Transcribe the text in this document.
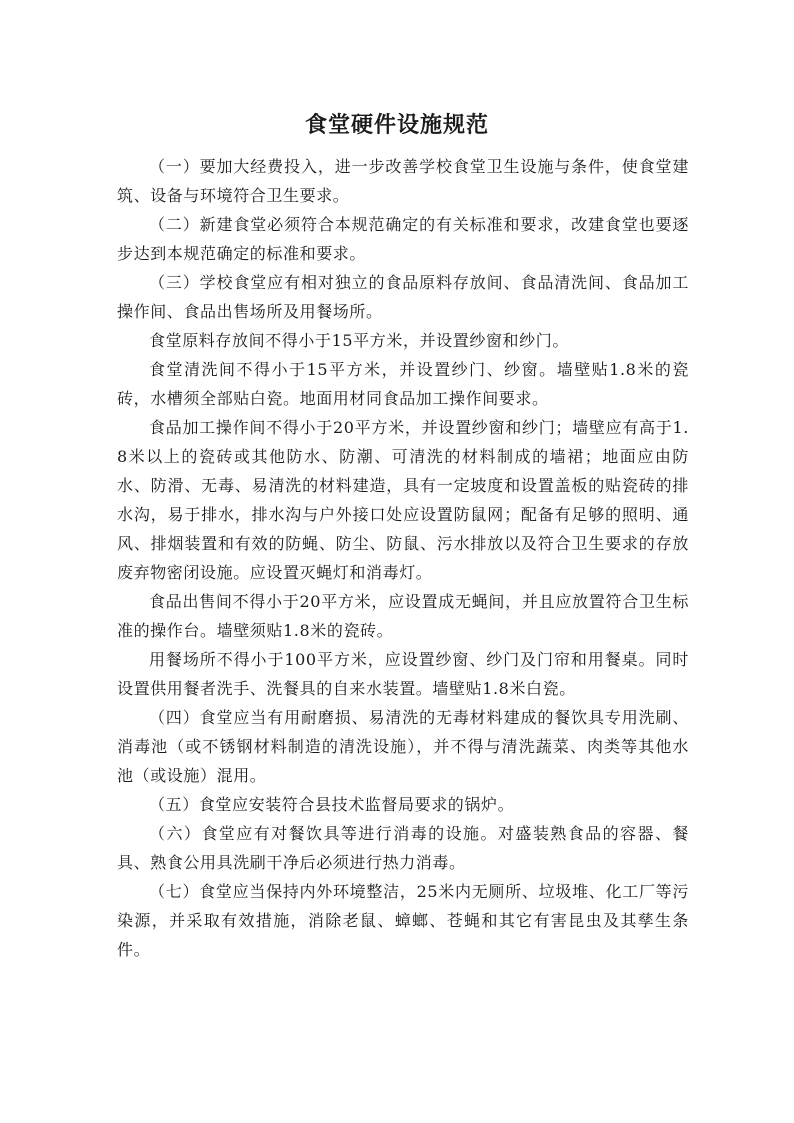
食堂硬件设施规范

（一）要加大经费投入，进一步改善学校食堂卫生设施与条件，使食堂建筑、设备与环境符合卫生要求。

（二）新建食堂必须符合本规范确定的有关标准和要求，改建食堂也要逐步达到本规范确定的标准和要求。

（三）学校食堂应有相对独立的食品原料存放间、食品清洗间、食品加工操作间、食品出售场所及用餐场所。

食堂原料存放间不得小于15平方米，并设置纱窗和纱门。

食堂清洗间不得小于15平方米，并设置纱门、纱窗。墙壁贴1.8米的瓷砖，水槽须全部贴白瓷。地面用材同食品加工操作间要求。

食品加工操作间不得小于20平方米，并设置纱窗和纱门；墙壁应有高于1.8米以上的瓷砖或其他防水、防潮、可清洗的材料制成的墙裙；地面应由防水、防滑、无毒、易清洗的材料建造，具有一定坡度和设置盖板的贴瓷砖的排水沟，易于排水，排水沟与户外接口处应设置防鼠网；配备有足够的照明、通风、排烟装置和有效的防蝇、防尘、防鼠、污水排放以及符合卫生要求的存放废弃物密闭设施。应设置灭蝇灯和消毒灯。

食品出售间不得小于20平方米，应设置成无蝇间，并且应放置符合卫生标准的操作台。墙壁须贴1.8米的瓷砖。

用餐场所不得小于100平方米，应设置纱窗、纱门及门帘和用餐桌。同时设置供用餐者洗手、洗餐具的自来水装置。墙壁贴1.8米白瓷。

（四）食堂应当有用耐磨损、易清洗的无毒材料建成的餐饮具专用洗刷、消毒池（或不锈钢材料制造的清洗设施），并不得与清洗蔬菜、肉类等其他水池（或设施）混用。

（五）食堂应安装符合县技术监督局要求的锅炉。

（六）食堂应有对餐饮具等进行消毒的设施。对盛装熟食品的容器、餐具、熟食公用具洗刷干净后必须进行热力消毒。

（七）食堂应当保持内外环境整洁，25米内无厕所、垃圾堆、化工厂等污染源，并采取有效措施，消除老鼠、蟑螂、苍蝇和其它有害昆虫及其孳生条件。
